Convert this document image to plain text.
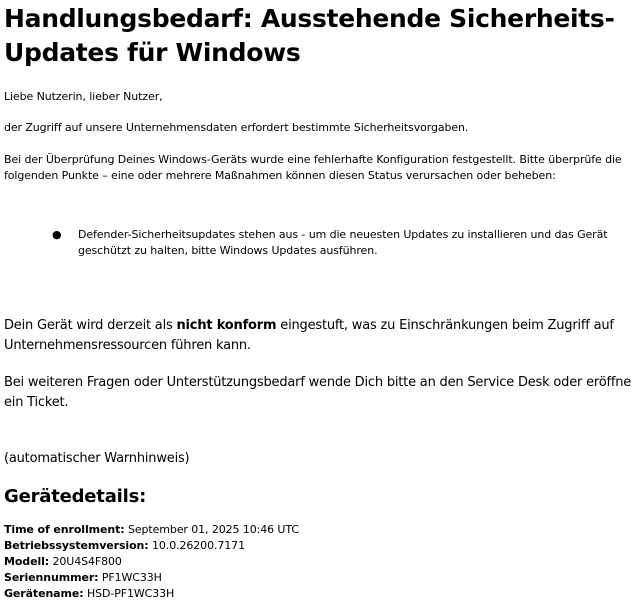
Handlungsbedarf: Ausstehende Sicherheits-Updates für Windows

Liebe Nutzerin, lieber Nutzer,

der Zugriff auf unsere Unternehmensdaten erfordert bestimmte Sicherheitsvorgaben.

Bei der Überprüfung Deines Windows-Geräts wurde eine fehlerhafte Konfiguration festgestellt. Bitte überprüfe die folgenden Punkte – eine oder mehrere Maßnahmen können diesen Status verursachen oder beheben:

● Defender-Sicherheitsupdates stehen aus - um die neuesten Updates zu installieren und das Gerät geschützt zu halten, bitte Windows Updates ausführen.

Dein Gerät wird derzeit als nicht konform eingestuft, was zu Einschränkungen beim Zugriff auf Unternehmensressourcen führen kann.

Bei weiteren Fragen oder Unterstützungsbedarf wende Dich bitte an den Service Desk oder eröffne ein Ticket.

(automatischer Warnhinweis)

Gerätedetails:
Time of enrollment: September 01, 2025 10:46 UTC
Betriebssystemversion: 10.0.26200.7171
Modell: 20U4S4F800
Seriennummer: PF1WC33H
Gerätename: HSD-PF1WC33H
